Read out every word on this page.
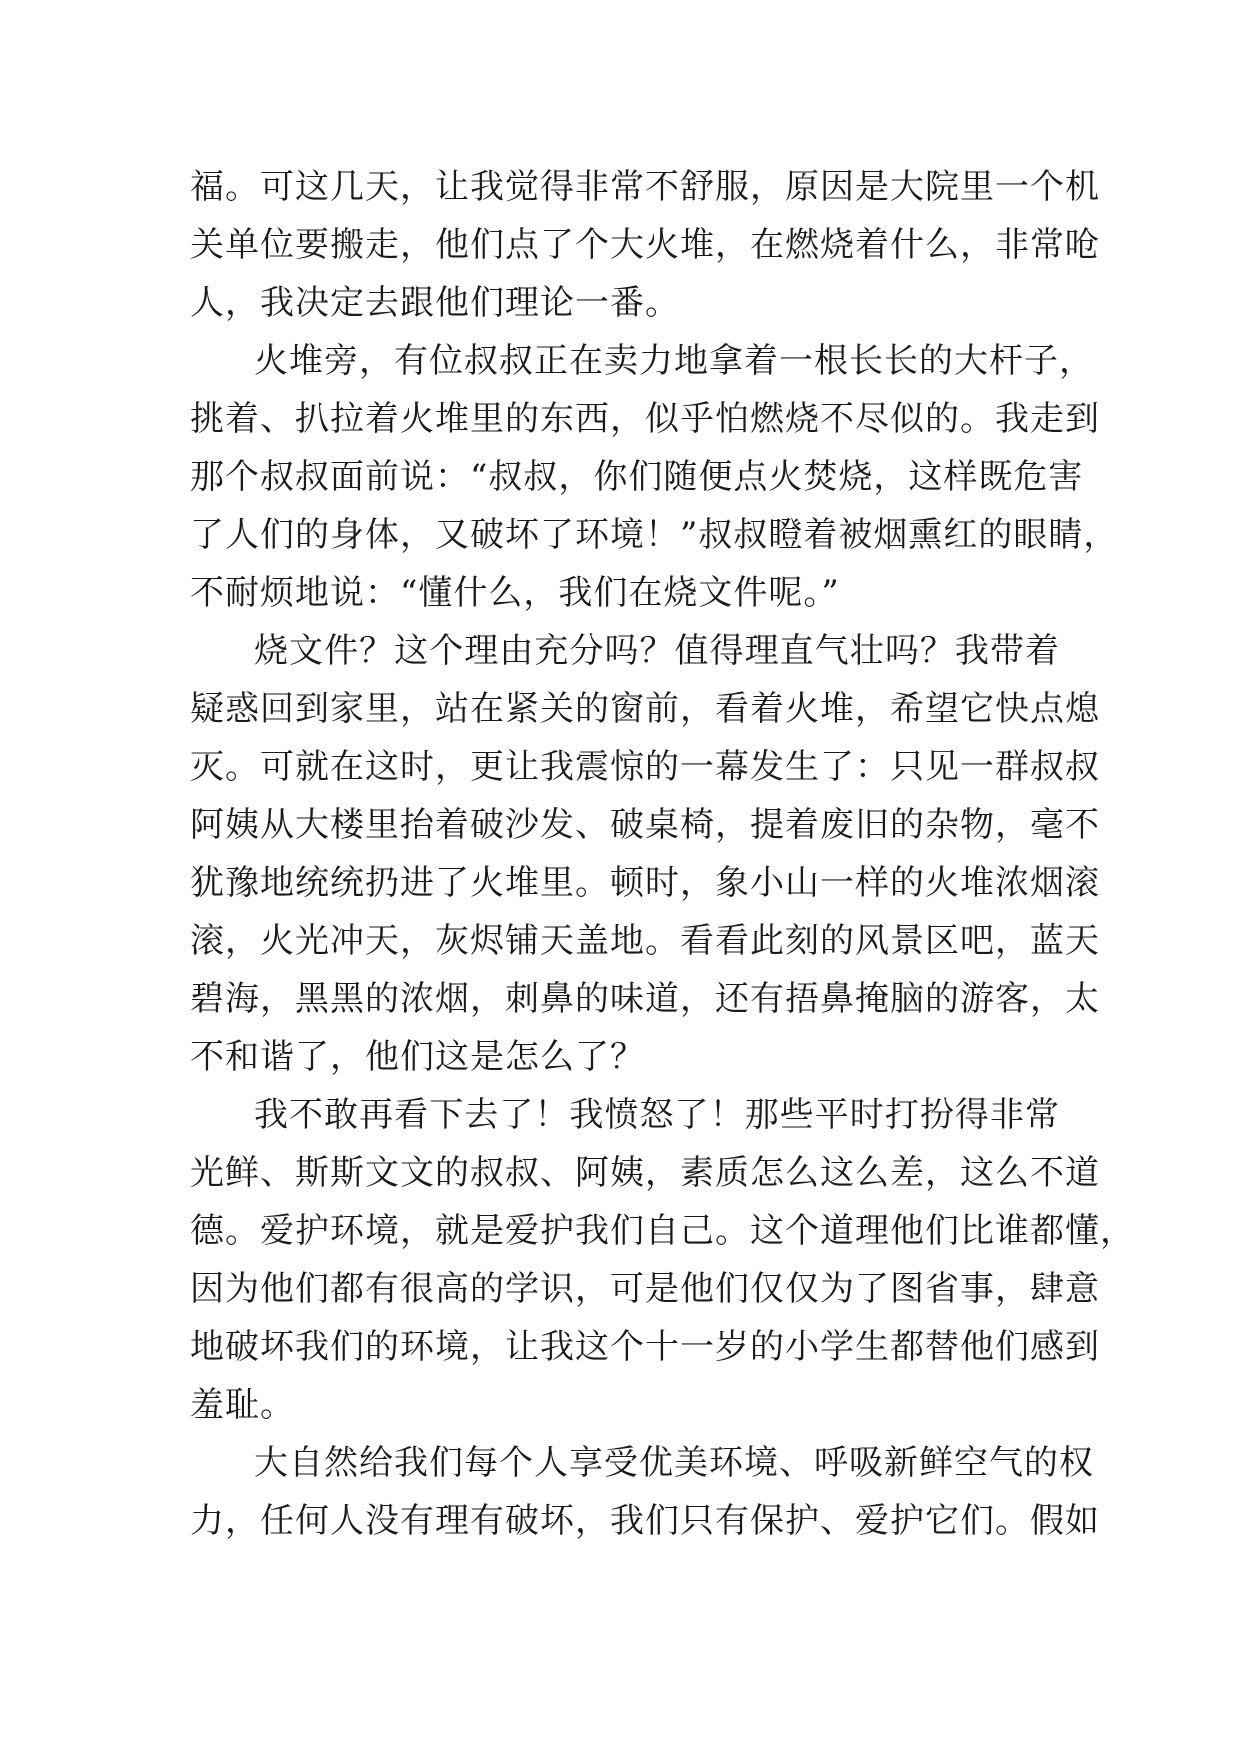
福。可这几天，让我觉得非常不舒服，原因是大院里一个机
关单位要搬走，他们点了个大火堆，在燃烧着什么，非常呛
人，我决定去跟他们理论一番。
火堆旁，有位叔叔正在卖力地拿着一根长长的大杆子，
挑着、扒拉着火堆里的东西，似乎怕燃烧不尽似的。我走到
那个叔叔面前说：“叔叔，你们随便点火焚烧，这样既危害
了人们的身体，又破坏了环境！”叔叔瞪着被烟熏红的眼睛，
不耐烦地说：“懂什么，我们在烧文件呢。”
烧文件？这个理由充分吗？值得理直气壮吗？我带着
疑惑回到家里，站在紧关的窗前，看着火堆，希望它快点熄
灭。可就在这时，更让我震惊的一幕发生了：只见一群叔叔
阿姨从大楼里抬着破沙发、破桌椅，提着废旧的杂物，毫不
犹豫地统统扔进了火堆里。顿时，象小山一样的火堆浓烟滚
滚，火光冲天，灰烬铺天盖地。看看此刻的风景区吧，蓝天
碧海，黑黑的浓烟，刺鼻的味道，还有捂鼻掩脑的游客，太
不和谐了，他们这是怎么了？
我不敢再看下去了！我愤怒了！那些平时打扮得非常
光鲜、斯斯文文的叔叔、阿姨，素质怎么这么差，这么不道
德。爱护环境，就是爱护我们自己。这个道理他们比谁都懂，
因为他们都有很高的学识，可是他们仅仅为了图省事，肆意
地破坏我们的环境，让我这个十一岁的小学生都替他们感到
羞耻。
大自然给我们每个人享受优美环境、呼吸新鲜空气的权
力，任何人没有理有破坏，我们只有保护、爱护它们。假如
